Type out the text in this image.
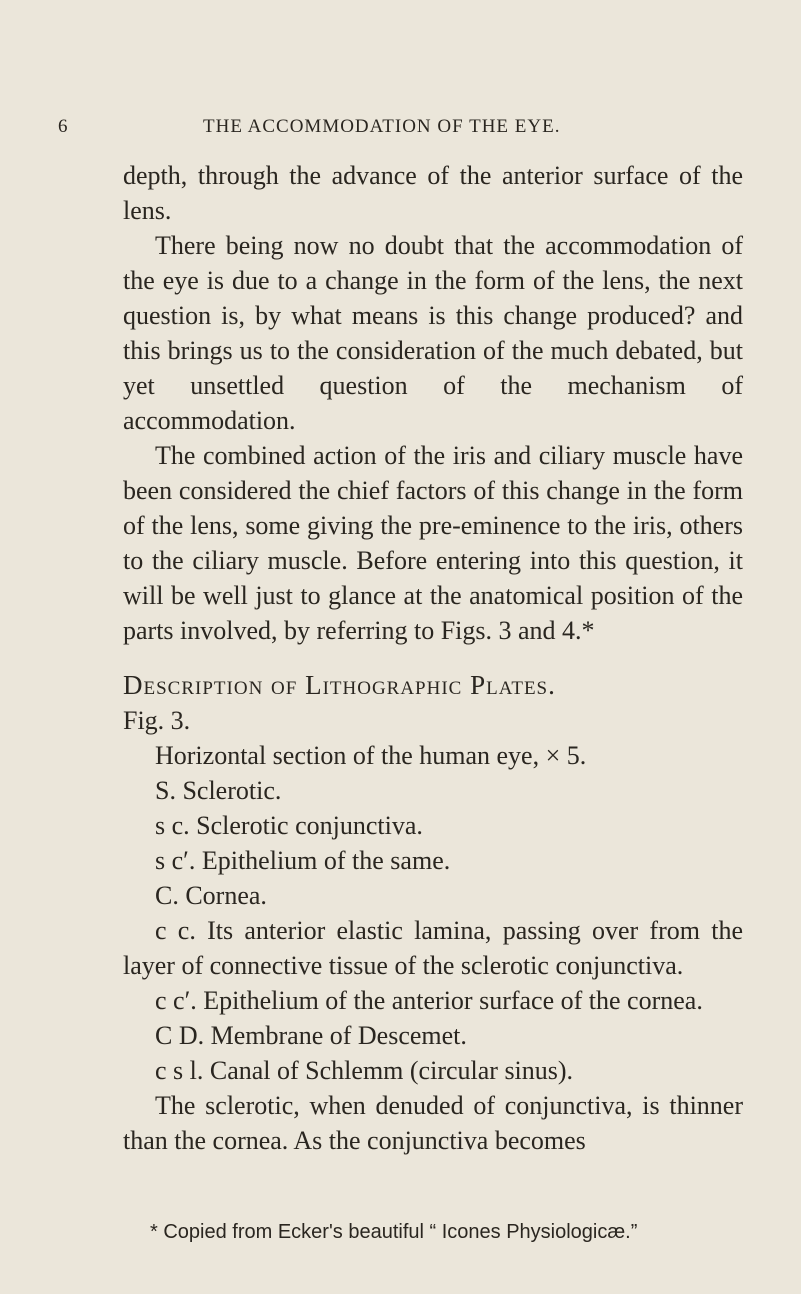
6	THE ACCOMMODATION OF THE EYE.

depth, through the advance of the anterior surface of the lens.

There being now no doubt that the accommodation of the eye is due to a change in the form of the lens, the next question is, by what means is this change produced? and this brings us to the consideration of the much debated, but yet unsettled question of the mechanism of accommodation.

The combined action of the iris and ciliary muscle have been considered the chief factors of this change in the form of the lens, some giving the pre-eminence to the iris, others to the ciliary muscle. Before entering into this question, it will be well just to glance at the anatomical position of the parts involved, by referring to Figs. 3 and 4.*

Description of Lithographic Plates.

Fig. 3.

Horizontal section of the human eye, × 5.

S. Sclerotic.

s c. Sclerotic conjunctiva.

s c′. Epithelium of the same.

C. Cornea.

c c. Its anterior elastic lamina, passing over from the layer of connective tissue of the sclerotic conjunctiva.

c c′. Epithelium of the anterior surface of the cornea.

C D. Membrane of Descemet.

c s l. Canal of Schlemm (circular sinus).

The sclerotic, when denuded of conjunctiva, is thinner than the cornea. As the conjunctiva becomes

* Copied from Ecker's beautiful “ Icones Physiologicæ.”
